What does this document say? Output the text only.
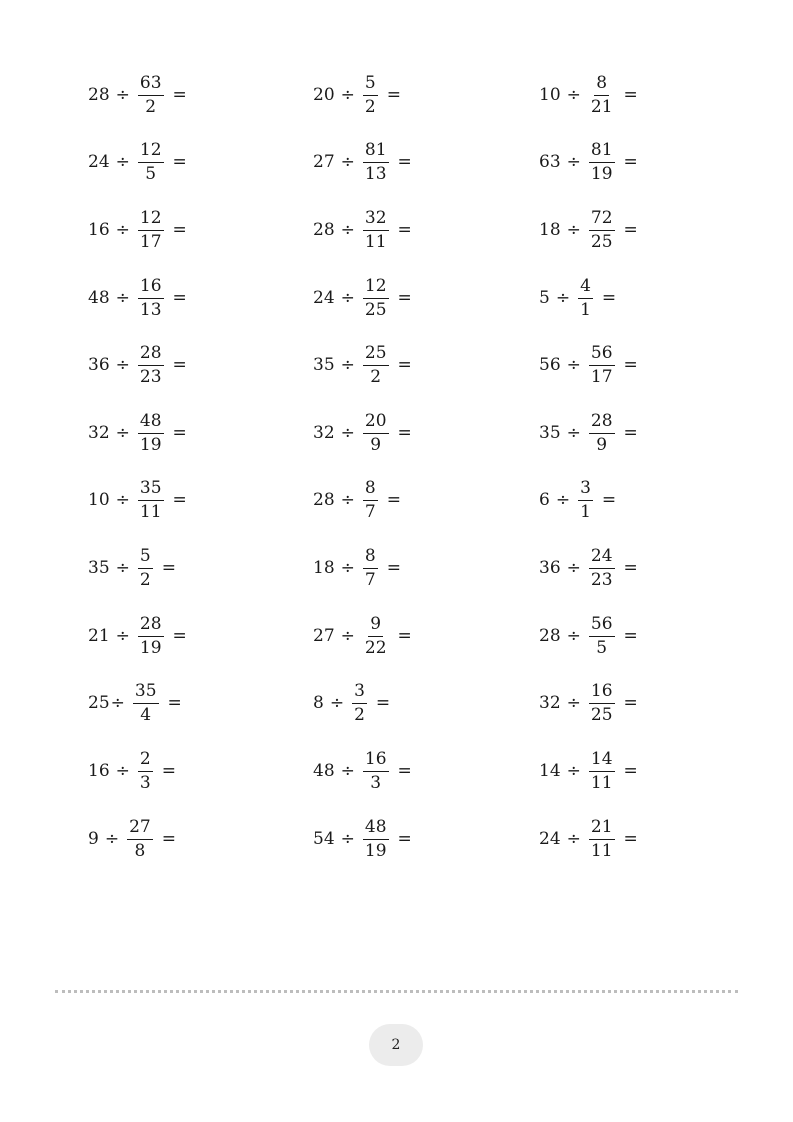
$28 \div \frac{63}{2}$ =	$20 \div \frac{5}{2}$ =	$10 \div \frac{8}{21}$ =
$24 \div \frac{12}{5}$ =	$27 \div \frac{81}{13}$ =	$63 \div \frac{81}{19}$ =
$16 \div \frac{12}{17}$ =	$28 \div \frac{32}{11}$ =	$18 \div \frac{72}{25}$ =
$48 \div \frac{16}{13}$ =	$24 \div \frac{12}{25}$ =	$5 \div \frac{4}{1}$ =
$36 \div \frac{28}{23}$ =	$35 \div \frac{25}{2}$ =	$56 \div \frac{56}{17}$ =
$32 \div \frac{48}{19}$ =	$32 \div \frac{20}{9}$ =	$35 \div \frac{28}{9}$ =
$10 \div \frac{35}{11}$ =	$28 \div \frac{8}{7}$ =	$6 \div \frac{3}{1}$ =
$35 \div \frac{5}{2}$ =	$18 \div \frac{8}{7}$ =	$36 \div \frac{24}{23}$ =
$21 \div \frac{28}{19}$ =	$27 \div \frac{9}{22}$ =	$28 \div \frac{56}{5}$ =
$25 \div \frac{35}{4}$ =	$8 \div \frac{3}{2}$ =	$32 \div \frac{16}{25}$ =
$16 \div \frac{2}{3}$ =	$48 \div \frac{16}{3}$ =	$14 \div \frac{14}{11}$ =
$9 \div \frac{27}{8}$ =	$54 \div \frac{48}{19}$ =	$24 \div \frac{21}{11}$ =
2
